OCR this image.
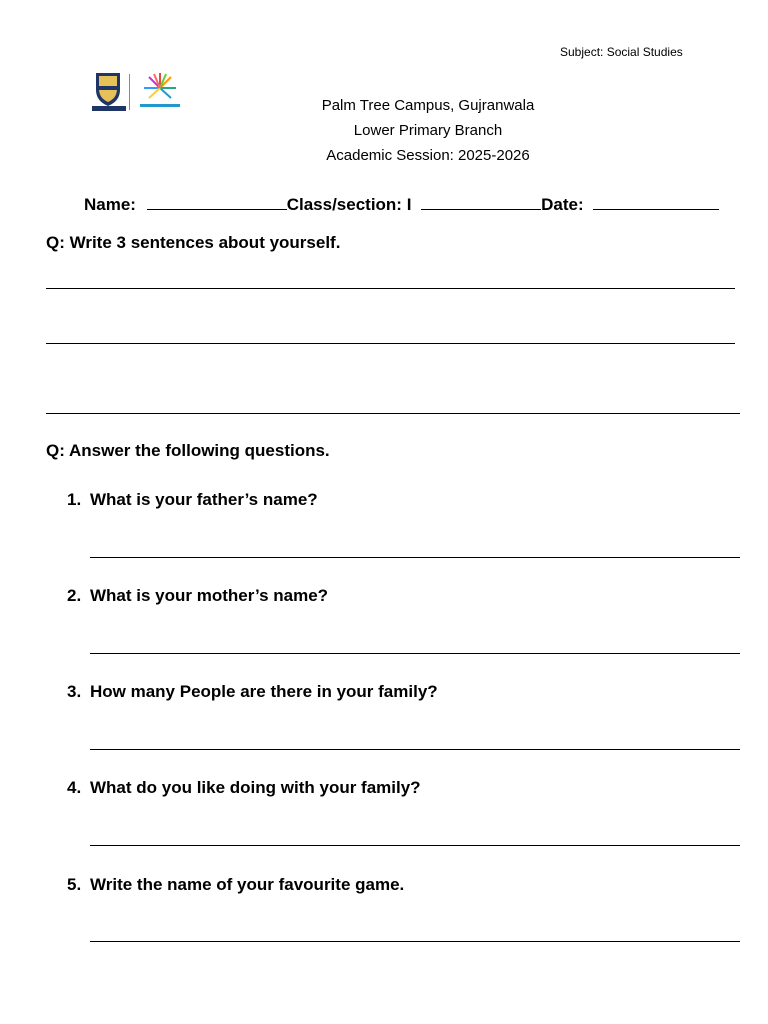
Subject: Social Studies
Palm Tree Campus, Gujranwala
Lower Primary Branch
Academic Session: 2025-2026
Name:	Class/section: I	Date:
Q: Write 3 sentences about yourself.
Q: Answer the following questions.
1. What is your father’s name?
2. What is your mother’s name?
3. How many People are there in your family?
4. What do you like doing with your family?
5. Write the name of your favourite game.
